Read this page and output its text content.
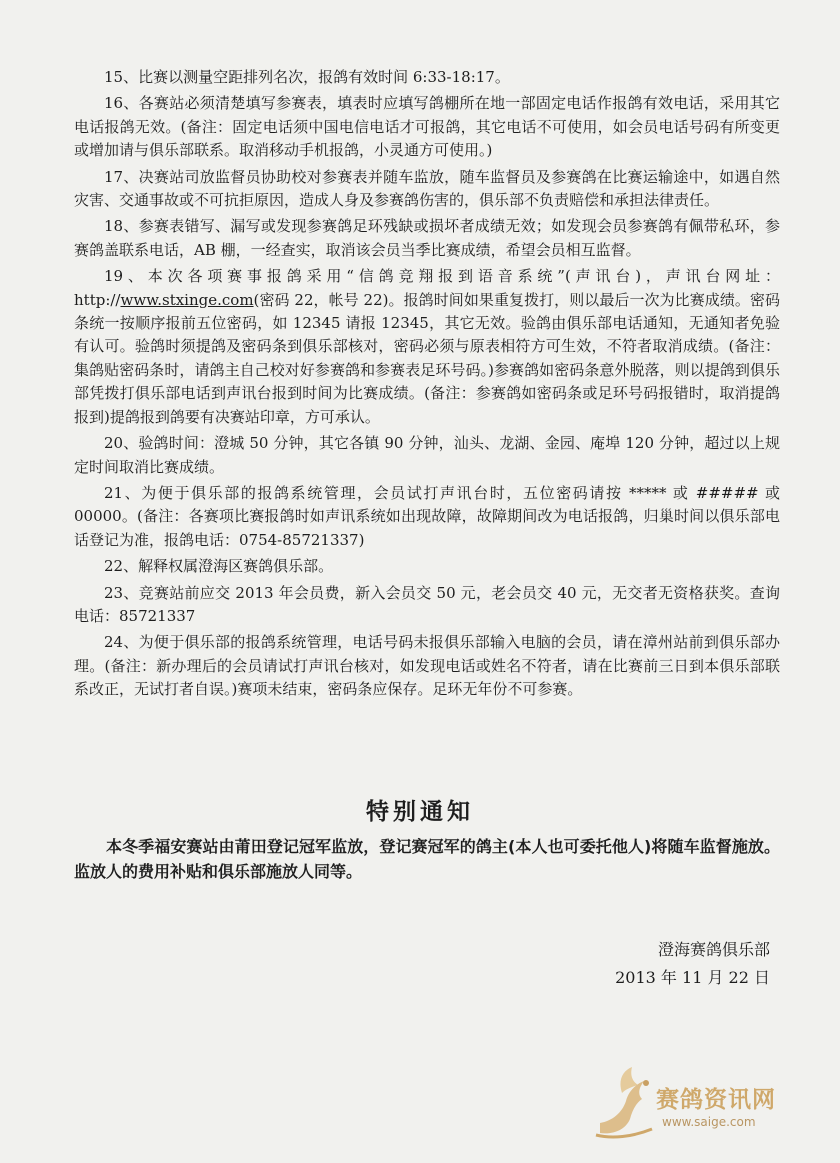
15、比赛以测量空距排列名次，报鸽有效时间 6:33-18:17。

16、各赛站必须清楚填写参赛表，填表时应填写鸽棚所在地一部固定电话作报鸽有效电话，采用其它电话报鸽无效。(备注：固定电话须中国电信电话才可报鸽，其它电话不可使用，如会员电话号码有所变更或增加请与俱乐部联系。取消移动手机报鸽，小灵通方可使用。)

17、决赛站司放监督员协助校对参赛表并随车监放，随车监督员及参赛鸽在比赛运输途中，如遇自然灾害、交通事故或不可抗拒原因，造成人身及参赛鸽伤害的，俱乐部不负责赔偿和承担法律责任。

18、参赛表错写、漏写或发现参赛鸽足环残缺或损坏者成绩无效；如发现会员参赛鸽有佩带私环，参赛鸽盖联系电话，AB 棚，一经查实，取消该会员当季比赛成绩，希望会员相互监督。

19、本次各项赛事报鸽采用“信鸽竞翔报到语音系统”(声讯台)，声讯台网址：http://www.stxinge.com(密码 22，帐号 22)。报鸽时间如果重复拨打，则以最后一次为比赛成绩。密码条统一按顺序报前五位密码，如 12345 请报 12345，其它无效。验鸽由俱乐部电话通知，无通知者免验有认可。验鸽时须提鸽及密码条到俱乐部核对，密码必须与原表相符方可生效，不符者取消成绩。(备注：集鸽贴密码条时，请鸽主自己校对好参赛鸽和参赛表足环号码。)参赛鸽如密码条意外脱落，则以提鸽到俱乐部凭拨打俱乐部电话到声讯台报到时间为比赛成绩。(备注：参赛鸽如密码条或足环号码报错时，取消提鸽报到)提鸽报到鸽要有决赛站印章，方可承认。

20、验鸽时间：澄城 50 分钟，其它各镇 90 分钟，汕头、龙湖、金园、庵埠 120 分钟，超过以上规定时间取消比赛成绩。

21、为便于俱乐部的报鸽系统管理，会员试打声讯台时，五位密码请按 ***** 或 ##### 或 00000。(备注：各赛项比赛报鸽时如声讯系统如出现故障，故障期间改为电话报鸽，归巢时间以俱乐部电话登记为准，报鸽电话：0754-85721337)

22、解释权属澄海区赛鸽俱乐部。

23、竞赛站前应交 2013 年会员费，新入会员交 50 元，老会员交 40 元，无交者无资格获奖。查询电话：85721337

24、为便于俱乐部的报鸽系统管理，电话号码未报俱乐部输入电脑的会员，请在漳州站前到俱乐部办理。(备注：新办理后的会员请试打声讯台核对，如发现电话或姓名不符者，请在比赛前三日到本俱乐部联系改正，无试打者自误。)赛项未结束，密码条应保存。足环无年份不可参赛。

特别通知

本冬季福安赛站由莆田登记冠军监放，登记赛冠军的鸽主(本人也可委托他人)将随车监督施放。监放人的费用补贴和俱乐部施放人同等。

澄海赛鸽俱乐部
2013 年 11 月 22 日
赛鸽资讯网
www.saige.com
